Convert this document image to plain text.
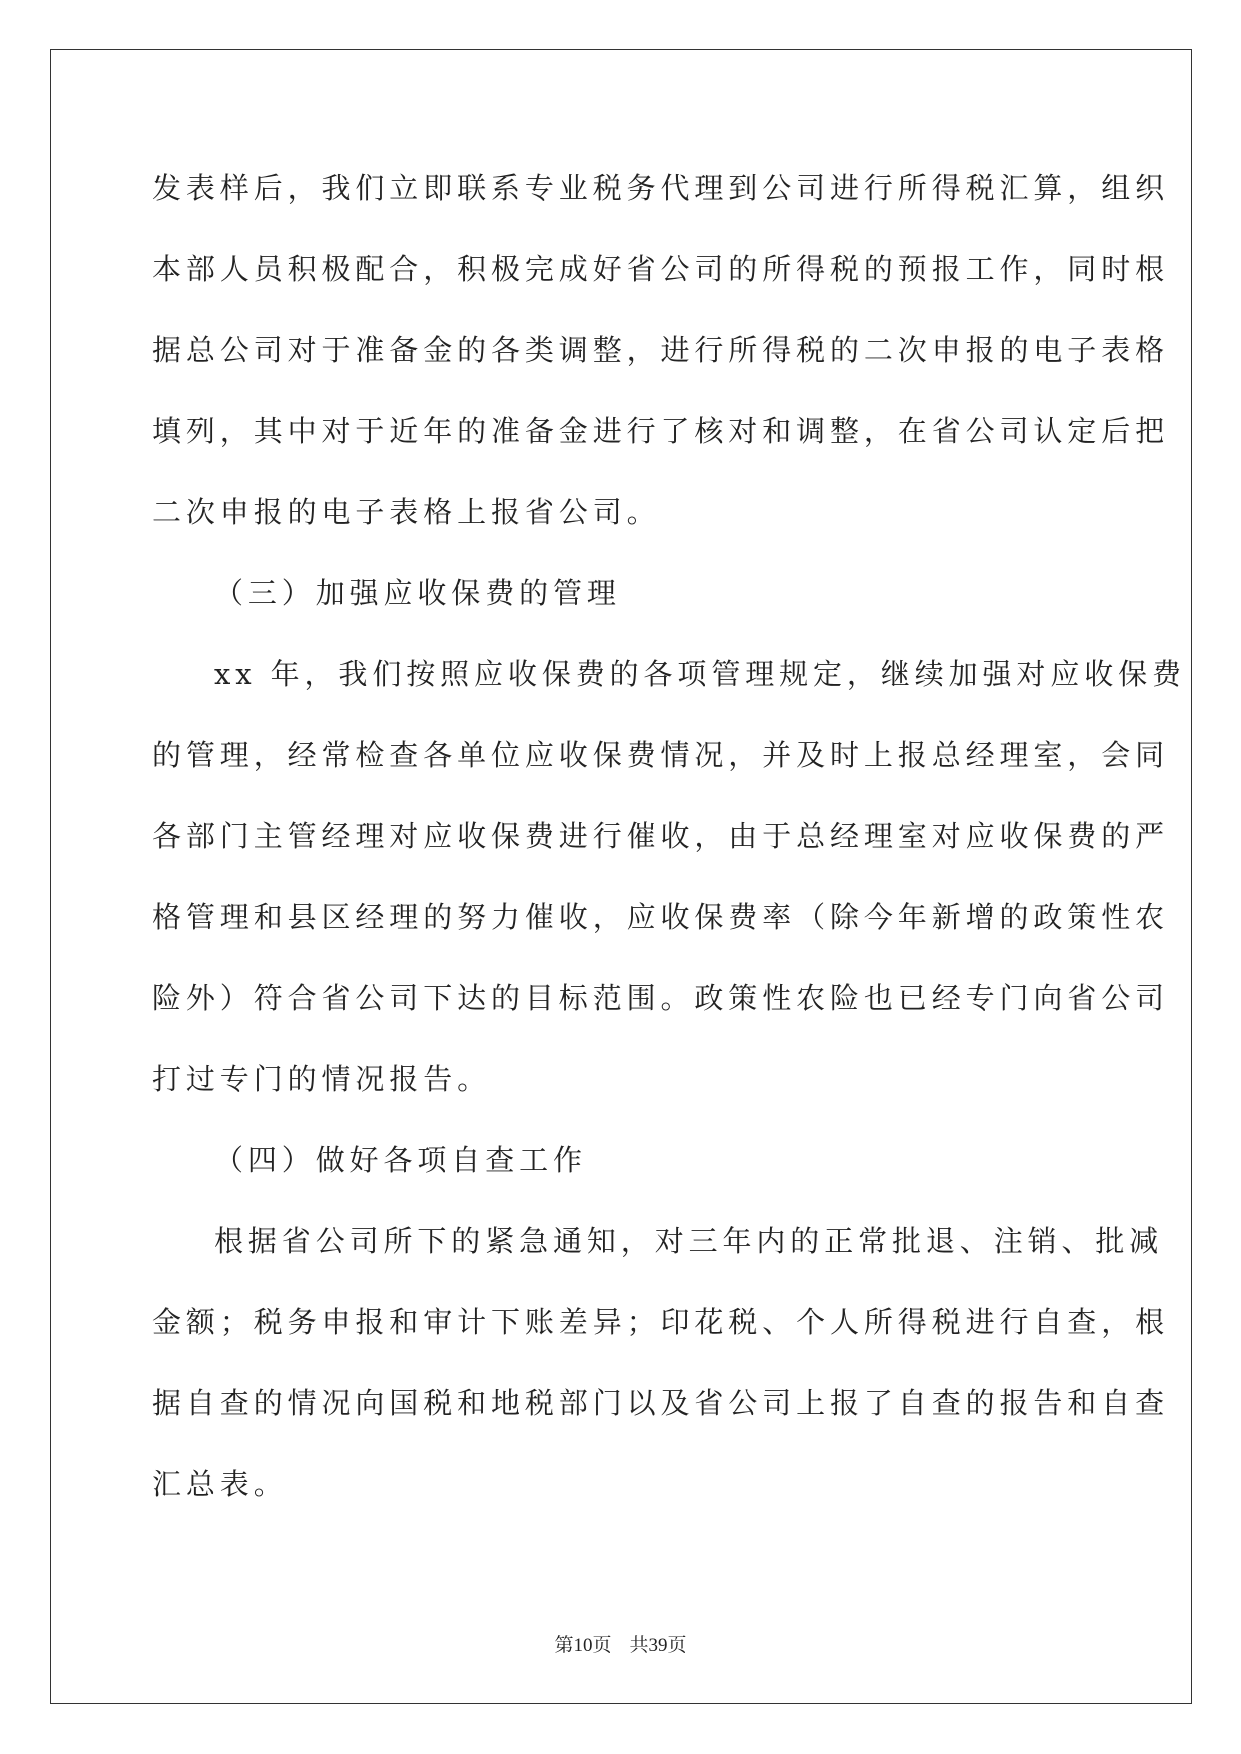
发表样后，我们立即联系专业税务代理到公司进行所得税汇算，组织
本部人员积极配合，积极完成好省公司的所得税的预报工作，同时根
据总公司对于准备金的各类调整，进行所得税的二次申报的电子表格
填列，其中对于近年的准备金进行了核对和调整，在省公司认定后把
二次申报的电子表格上报省公司。
（三）加强应收保费的管理
xx 年，我们按照应收保费的各项管理规定，继续加强对应收保费
的管理，经常检查各单位应收保费情况，并及时上报总经理室，会同
各部门主管经理对应收保费进行催收，由于总经理室对应收保费的严
格管理和县区经理的努力催收，应收保费率（除今年新增的政策性农
险外）符合省公司下达的目标范围。政策性农险也已经专门向省公司
打过专门的情况报告。
（四）做好各项自查工作
根据省公司所下的紧急通知，对三年内的正常批退、注销、批减
金额；税务申报和审计下账差异；印花税、个人所得税进行自查，根
据自查的情况向国税和地税部门以及省公司上报了自查的报告和自查
汇总表。
第10页 共39页
